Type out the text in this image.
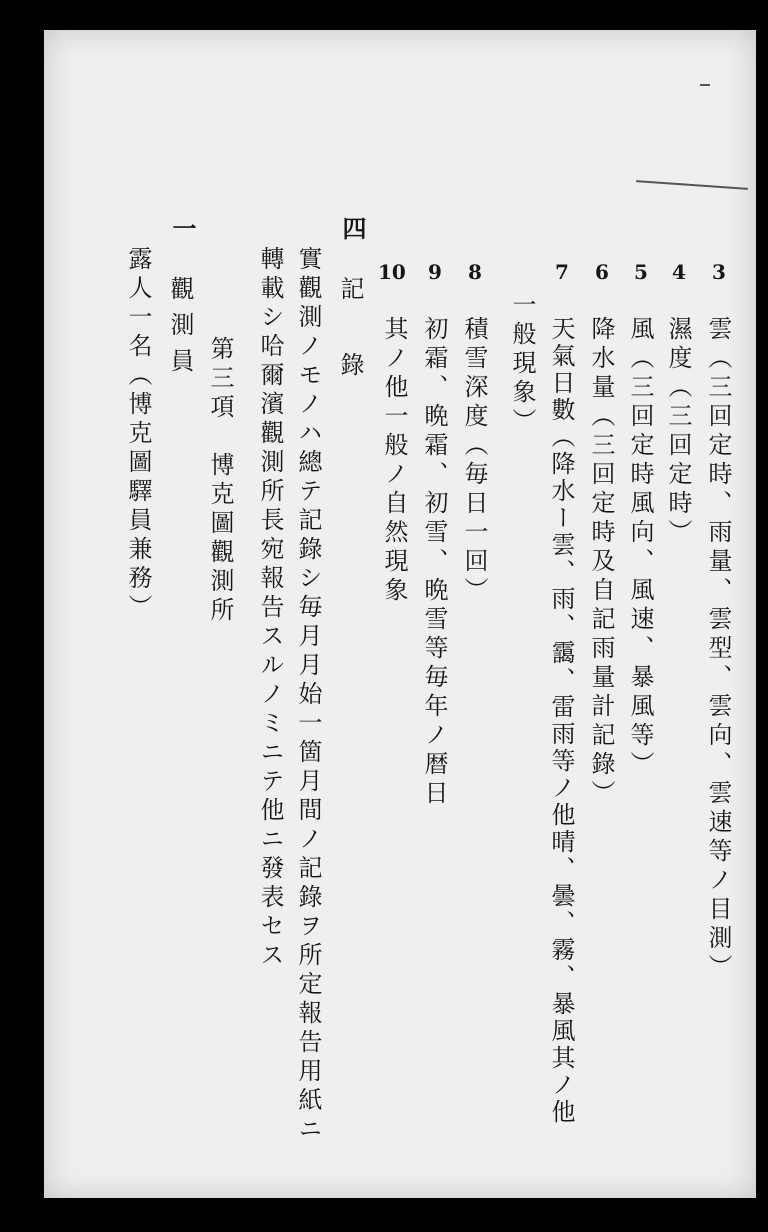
3
雲（三回定時、雨量、雲型、雲向、雲速等ノ目測）
4
濕度（三回定時）
5
風（三回定時風向、風速、暴風等）
6
降水量（三回定時及自記雨量計記錄）
7
天氣日數（降水ー雲、雨、靄、雷雨等ノ他晴、曇、霧、暴風其ノ他
一般現象）
8
積雪深度（毎日一回）
9
初霜、晩霜、初雪、晩雪等毎年ノ暦日
10
其ノ他一般ノ自然現象
四
記　錄
實觀測ノモノハ總テ記錄シ毎月月始一箇月間ノ記錄ヲ所定報告用紙ニ
轉載シ哈爾濱觀測所長宛報告スルノミニテ他ニ發表セス
第三項　博克圖觀測所
一
觀測員
露人一名（博克圖驛員兼務）
